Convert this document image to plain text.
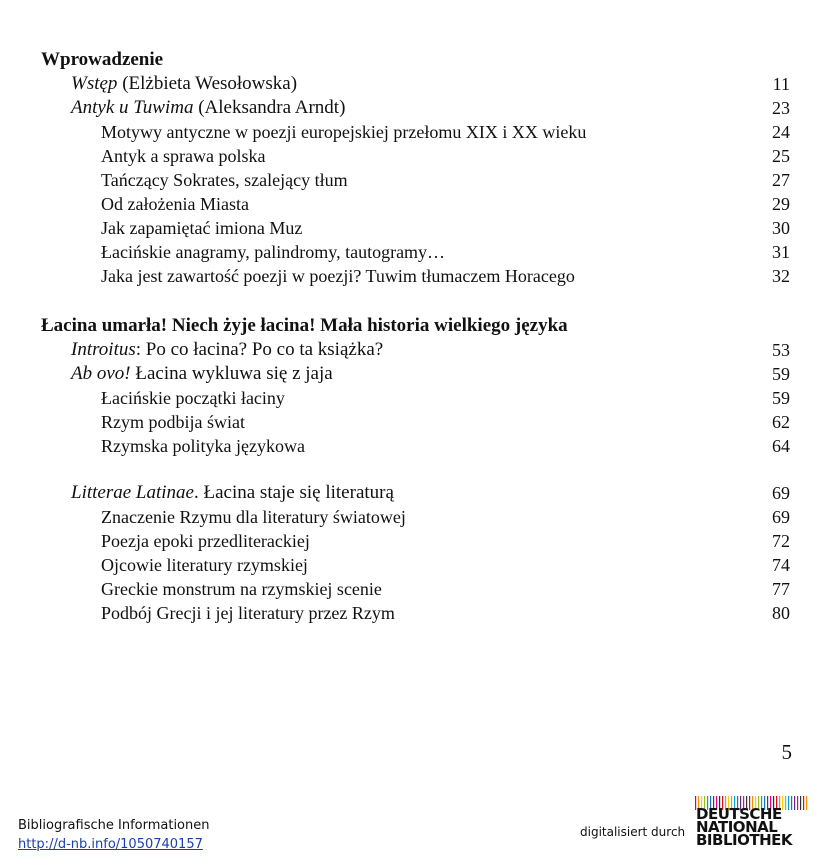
Wprowadzenie
Wstęp (Elżbieta Wesołowska)	11
Antyk u Tuwima (Aleksandra Arndt)	23
Motywy antyczne w poezji europejskiej przełomu XIX i XX wieku	24
Antyk a sprawa polska	25
Tańczący Sokrates, szalejący tłum	27
Od założenia Miasta	29
Jak zapamiętać imiona Muz	30
Łacińskie anagramy, palindromy, tautogramy…	31
Jaka jest zawartość poezji w poezji? Tuwim tłumaczem Horacego	32
Łacina umarła! Niech żyje łacina! Mała historia wielkiego języka
Introitus: Po co łacina? Po co ta książka?	53
Ab ovo! Łacina wykluwa się z jaja	59
Łacińskie początki łaciny	59
Rzym podbija świat	62
Rzymska polityka językowa	64
Litterae Latinae. Łacina staje się literaturą	69
Znaczenie Rzymu dla literatury światowej	69
Poezja epoki przedliterackiej	72
Ojcowie literatury rzymskiej	74
Greckie monstrum na rzymskiej scenie	77
Podbój Grecji i jej literatury przez Rzym	80
5
Bibliografische Informationen
http://d-nb.info/1050740157
digitalisiert durch
DEUTSCHE
NATIONAL
BIBLIOTHEK
